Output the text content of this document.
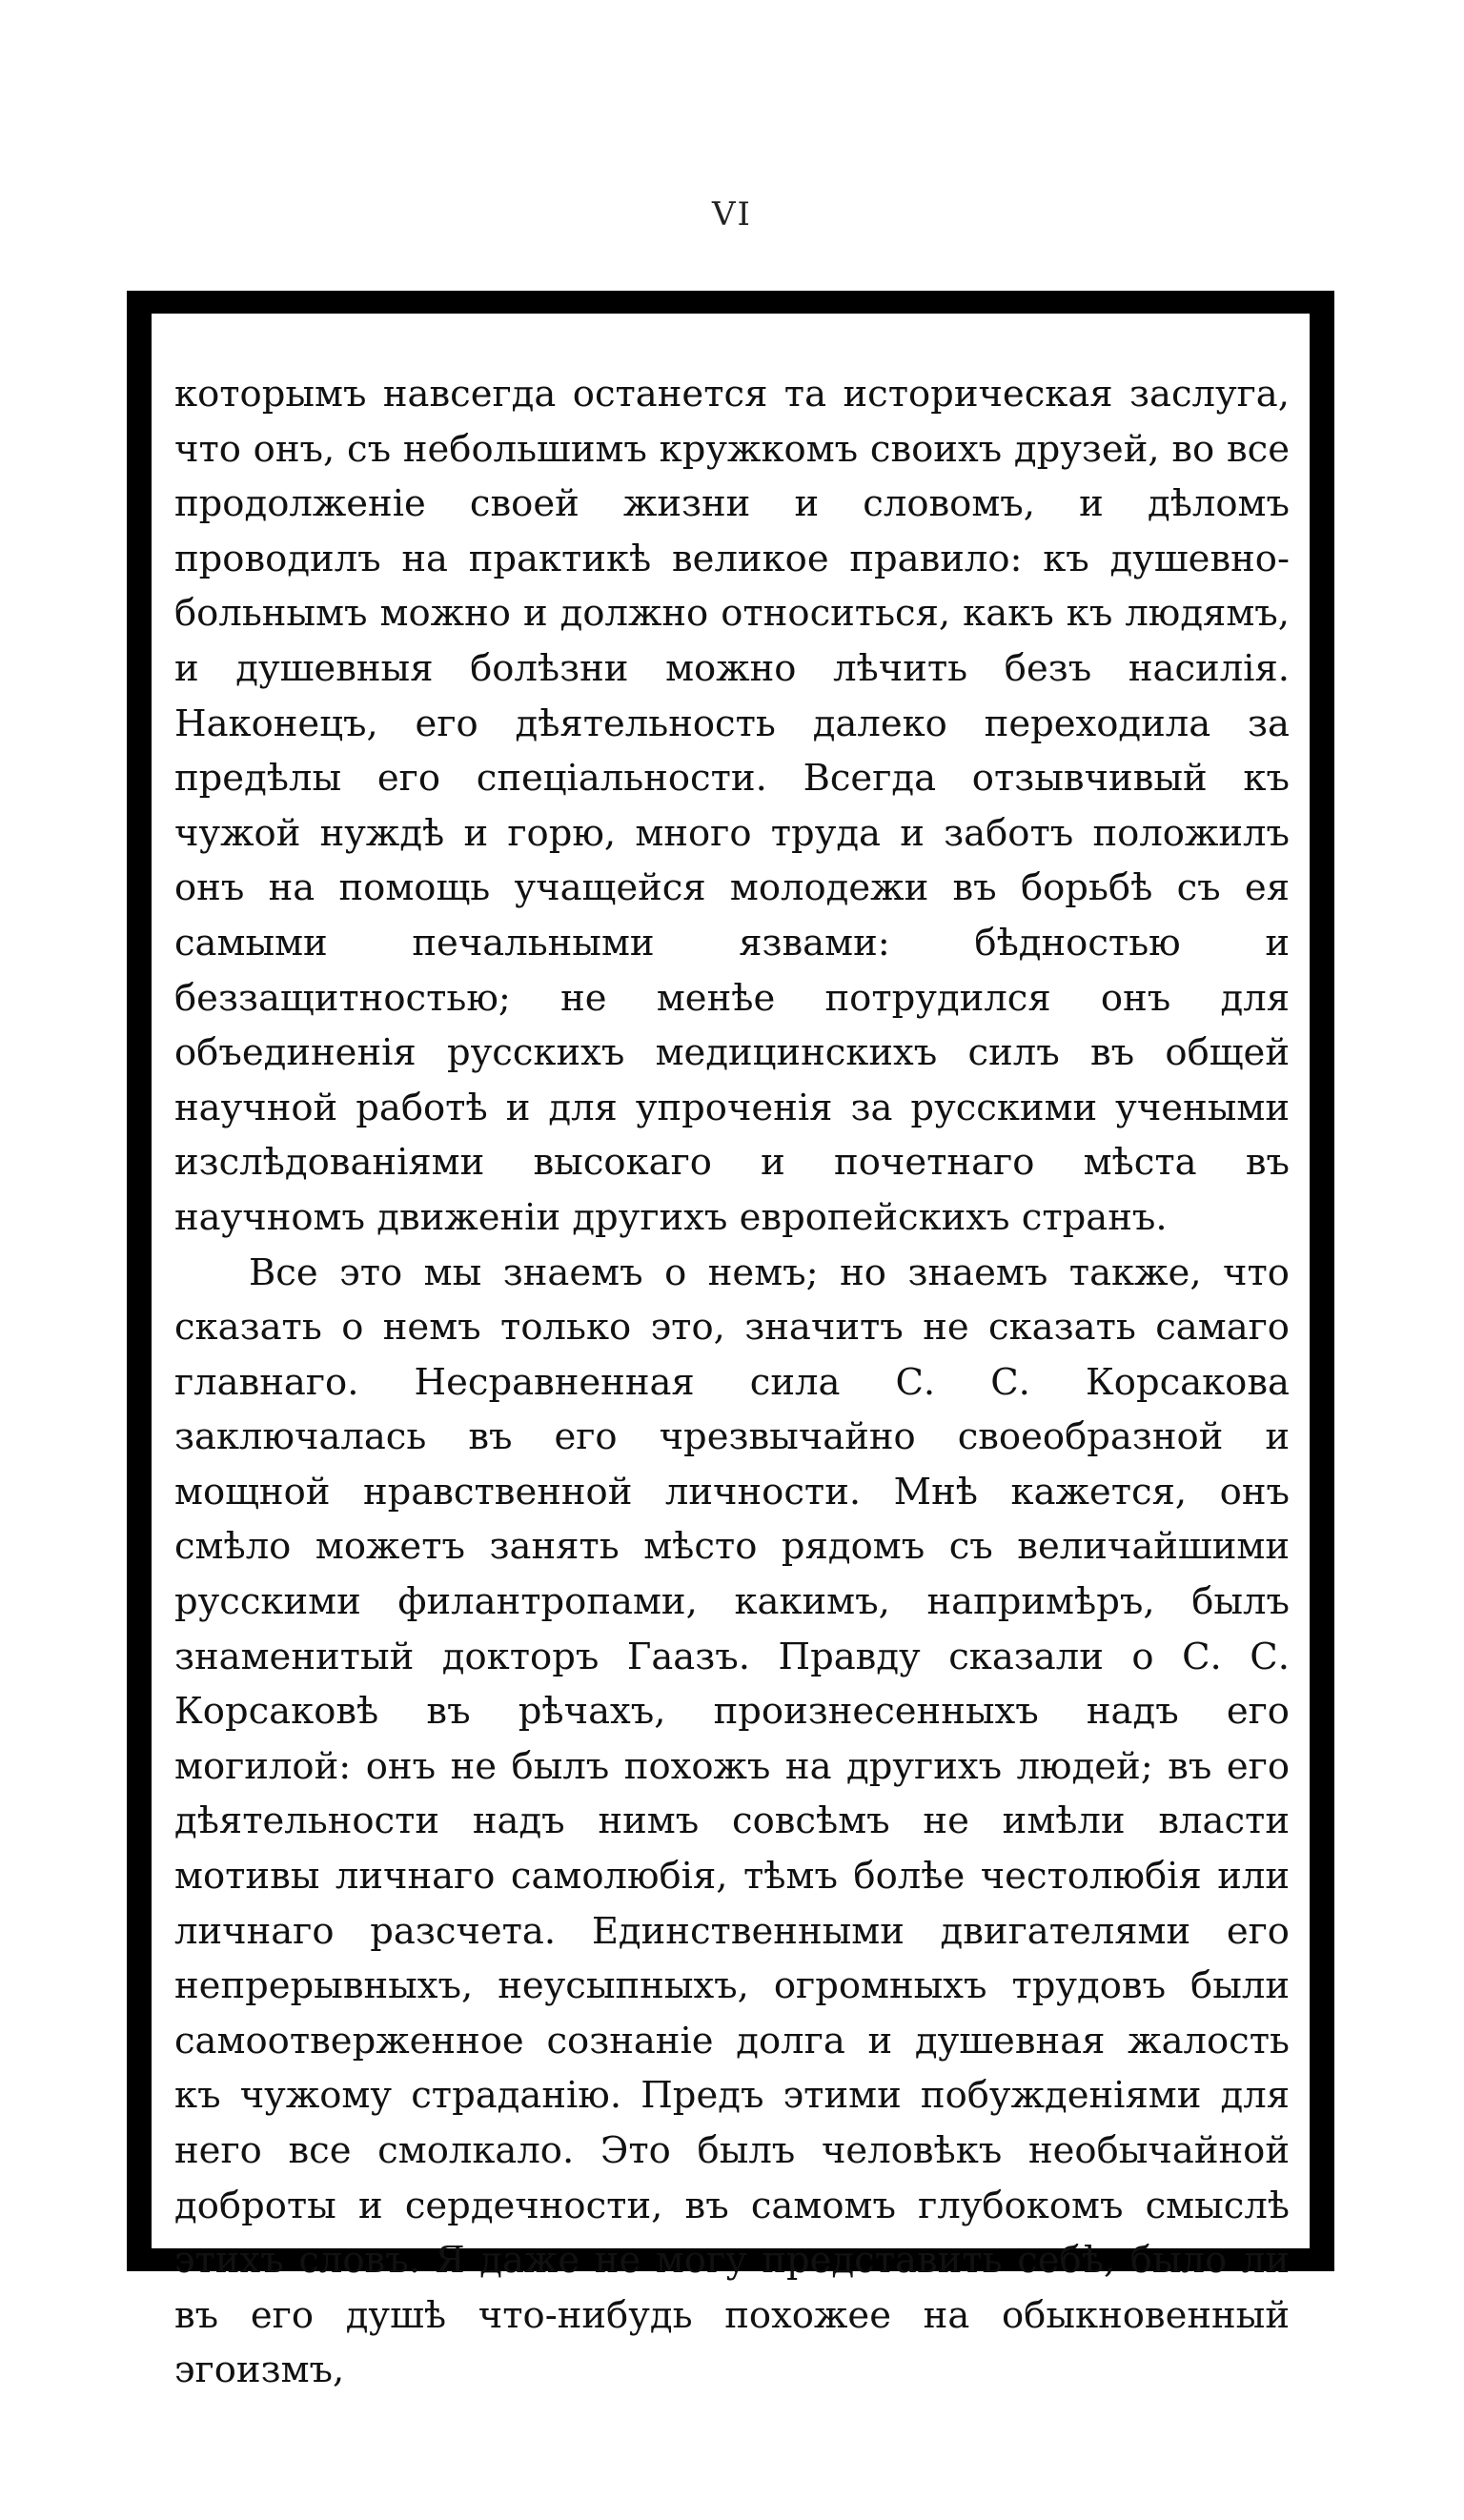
VI

которымъ навсегда останется та историческая заслуга, что онъ, съ небольшимъ кружкомъ своихъ друзей, во все продолженіе своей жизни и словомъ, и дѣломъ проводилъ на практикѣ великое правило: къ душевно-больнымъ можно и должно относиться, какъ къ людямъ, и душевныя болѣзни можно лѣчить безъ насилія. Наконецъ, его дѣятельность далеко переходила за предѣлы его спеціальности. Всегда отзывчивый къ чужой нуждѣ и горю, много труда и заботъ положилъ онъ на помощь учащейся молодежи въ борьбѣ съ ея самыми печальными язвами: бѣдностью и беззащитностью; не менѣе потрудился онъ для объединенія русскихъ медицинскихъ силъ въ общей научной работѣ и для упроченія за русскими учеными изслѣдованіями высокаго и почетнаго мѣста въ научномъ движеніи другихъ европейскихъ странъ.

Все это мы знаемъ о немъ; но знаемъ также, что сказать о немъ только это, значитъ не сказать самаго главнаго. Несравненная сила С. С. Корсакова заключалась въ его чрезвычайно своеобразной и мощной нравственной личности. Мнѣ кажется, онъ смѣло можетъ занять мѣсто рядомъ съ величайшими русскими филантропами, какимъ, напримѣръ, былъ знаменитый докторъ Гаазъ. Правду сказали о С. С. Корсаковѣ въ рѣчахъ, произнесенныхъ надъ его могилой: онъ не былъ похожъ на другихъ людей; въ его дѣятельности надъ нимъ совсѣмъ не имѣли власти мотивы личнаго самолюбія, тѣмъ болѣе честолюбія или личнаго разсчета. Единственными двигателями его непрерывныхъ, неусыпныхъ, огромныхъ трудовъ были самоотверженное сознаніе долга и душевная жалость къ чужому страданію. Предъ этими побужденіями для него все смолкало. Это былъ человѣкъ необычайной доброты и сердечности, въ самомъ глубокомъ смыслѣ этихъ словъ. Я даже не могу представить себѣ, было ли въ его душѣ что-нибудь похожее на обыкновенный эгоизмъ,
